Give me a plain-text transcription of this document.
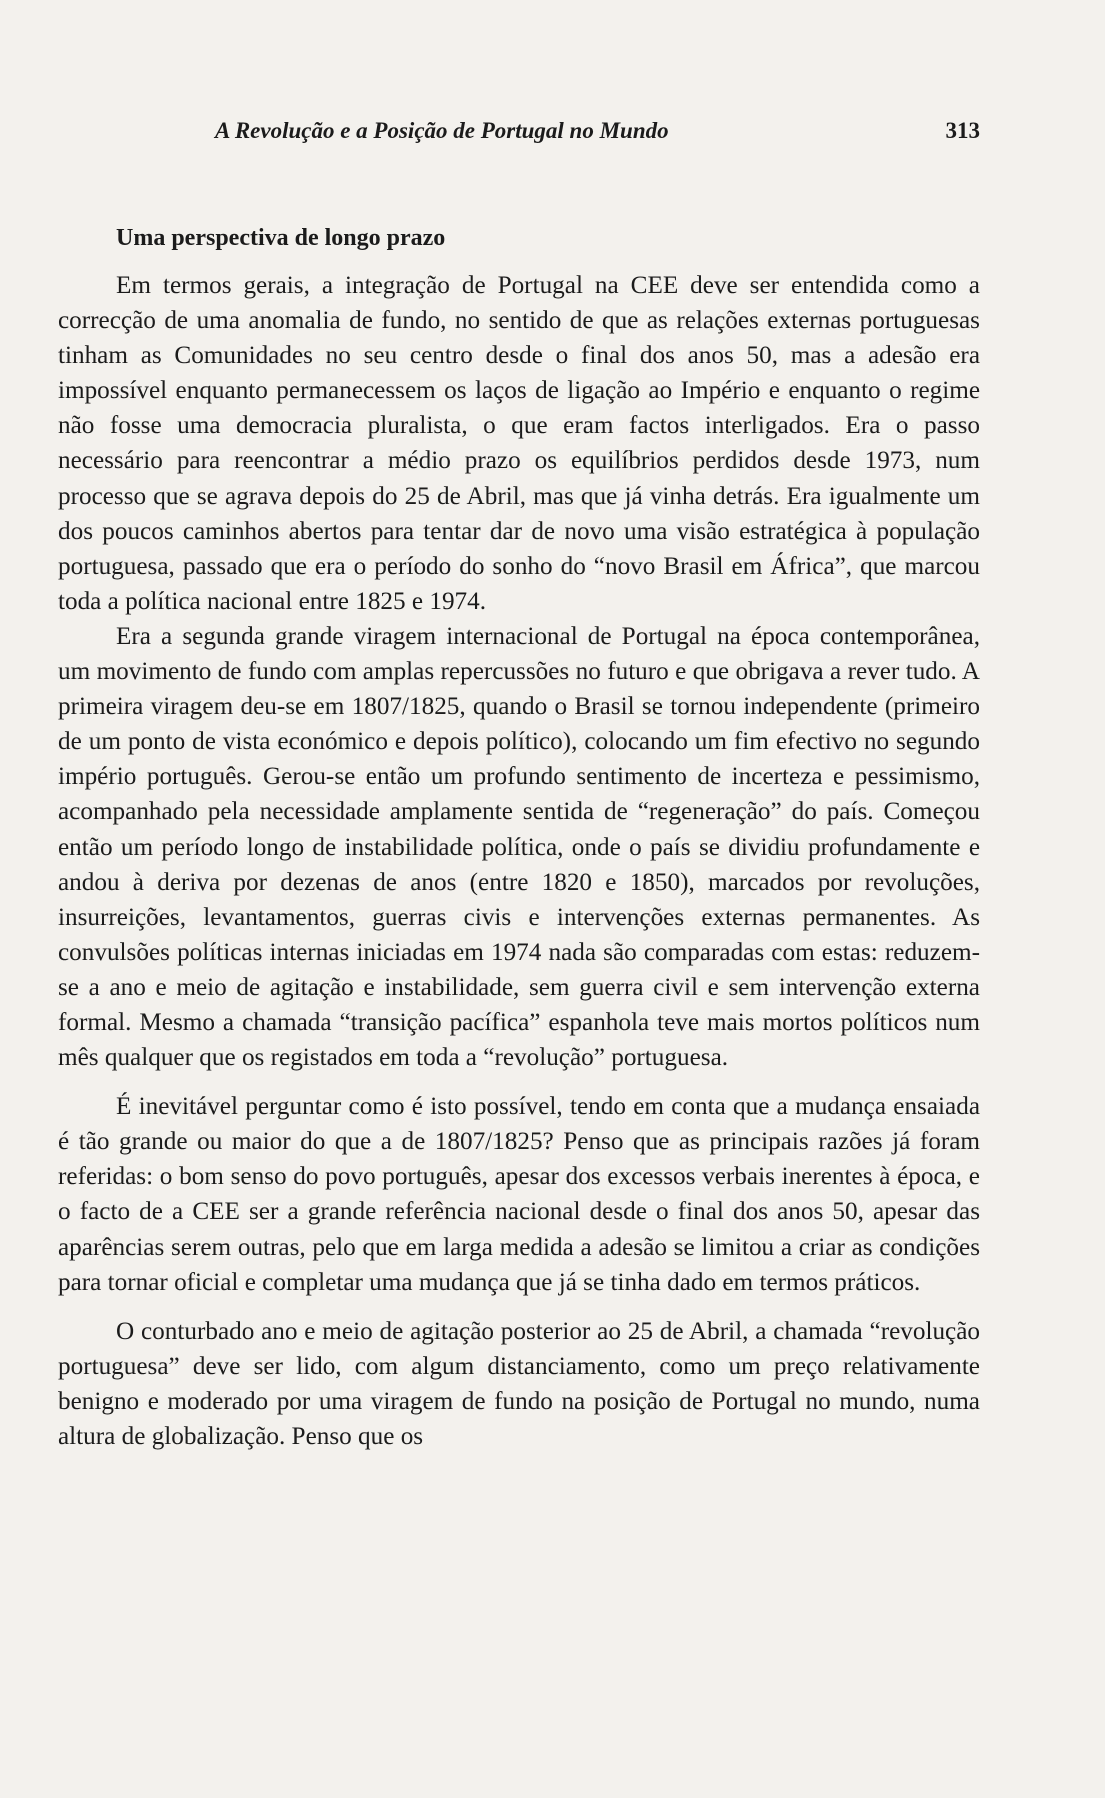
A Revolução e a Posição de Portugal no Mundo	313
Uma perspectiva de longo prazo

Em termos gerais, a integração de Portugal na CEE deve ser entendida como a correcção de uma anomalia de fundo, no sentido de que as relações externas portuguesas tinham as Comunidades no seu centro desde o final dos anos 50, mas a adesão era impossível enquanto permanecessem os laços de ligação ao Império e enquanto o regime não fosse uma democracia pluralista, o que eram factos interligados. Era o passo necessário para reencontrar a médio prazo os equilíbrios perdidos desde 1973, num processo que se agrava depois do 25 de Abril, mas que já vinha detrás. Era igualmente um dos poucos caminhos abertos para tentar dar de novo uma visão estratégica à população portuguesa, passado que era o período do sonho do “novo Brasil em África”, que marcou toda a política nacional entre 1825 e 1974.

Era a segunda grande viragem internacional de Portugal na época contemporânea, um movimento de fundo com amplas repercussões no futuro e que obrigava a rever tudo. A primeira viragem deu-se em 1807/1825, quando o Brasil se tornou independente (primeiro de um ponto de vista económico e depois político), colocando um fim efectivo no segundo império português. Gerou-se então um profundo sentimento de incerteza e pessimismo, acompanhado pela necessidade amplamente sentida de “regeneração” do país. Começou então um período longo de instabilidade política, onde o país se dividiu profundamente e andou à deriva por dezenas de anos (entre 1820 e 1850), marcados por revoluções, insurreições, levantamentos, guerras civis e intervenções externas permanentes. As convulsões políticas internas iniciadas em 1974 nada são comparadas com estas: reduzem-se a ano e meio de agitação e instabilidade, sem guerra civil e sem intervenção externa formal. Mesmo a chamada “transição pacífica” espanhola teve mais mortos políticos num mês qualquer que os registados em toda a “revolução” portuguesa.

É inevitável perguntar como é isto possível, tendo em conta que a mudança ensaiada é tão grande ou maior do que a de 1807/1825? Penso que as principais razões já foram referidas: o bom senso do povo português, apesar dos excessos verbais inerentes à época, e o facto de a CEE ser a grande referência nacional desde o final dos anos 50, apesar das aparências serem outras, pelo que em larga medida a adesão se limitou a criar as condições para tornar oficial e completar uma mudança que já se tinha dado em termos práticos.

O conturbado ano e meio de agitação posterior ao 25 de Abril, a chamada “revolução portuguesa” deve ser lido, com algum distanciamento, como um preço relativamente benigno e moderado por uma viragem de fundo na posição de Portugal no mundo, numa altura de globalização. Penso que os
